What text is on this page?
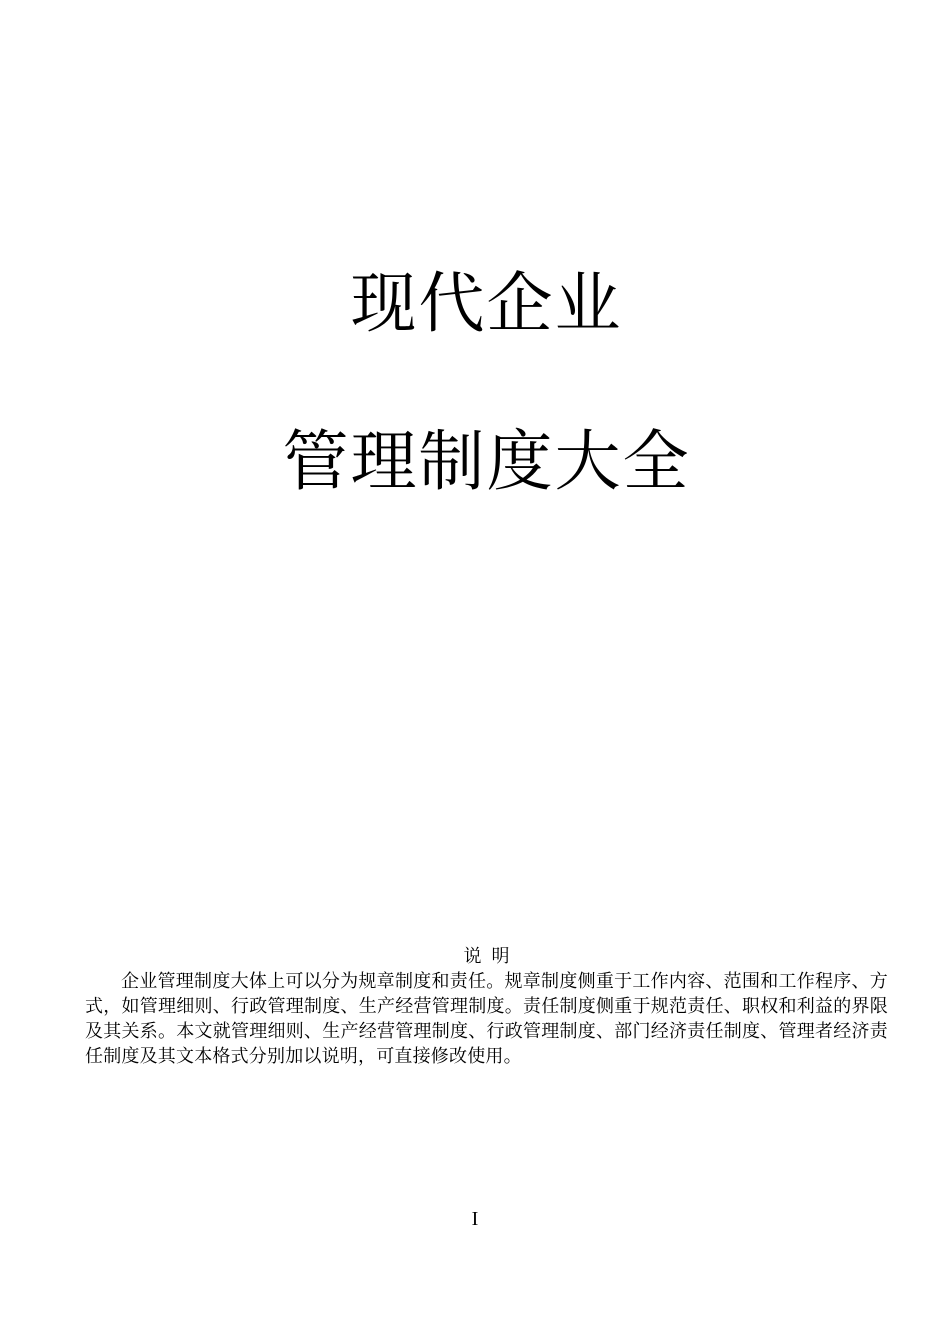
现代企业
管理制度大全
说  明

企业管理制度大体上可以分为规章制度和责任。规章制度侧重于工作内容、范围和工作程序、方式，如管理细则、行政管理制度、生产经营管理制度。责任制度侧重于规范责任、职权和利益的界限及其关系。本文就管理细则、生产经营管理制度、行政管理制度、部门经济责任制度、管理者经济责任制度及其文本格式分别加以说明，可直接修改使用。

I
